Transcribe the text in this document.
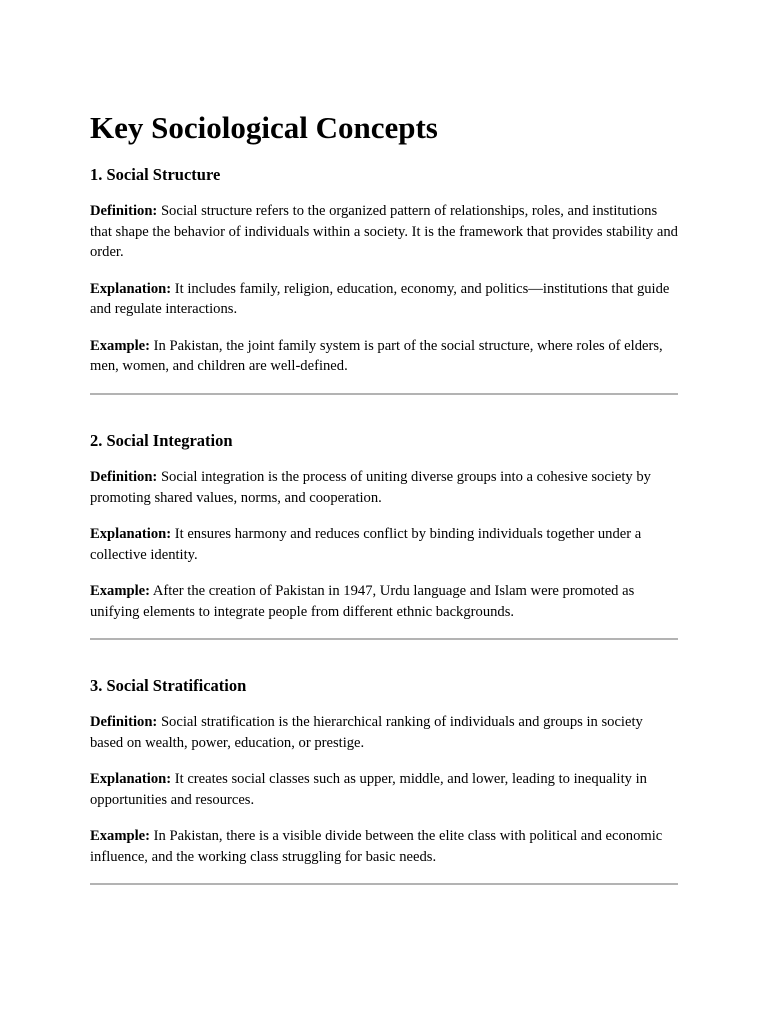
Key Sociological Concepts
1. Social Structure

Definition: Social structure refers to the organized pattern of relationships, roles, and institutions that shape the behavior of individuals within a society. It is the framework that provides stability and order.

Explanation: It includes family, religion, education, economy, and politics—institutions that guide and regulate interactions.

Example: In Pakistan, the joint family system is part of the social structure, where roles of elders, men, women, and children are well-defined.

2. Social Integration

Definition: Social integration is the process of uniting diverse groups into a cohesive society by promoting shared values, norms, and cooperation.

Explanation: It ensures harmony and reduces conflict by binding individuals together under a collective identity.

Example: After the creation of Pakistan in 1947, Urdu language and Islam were promoted as unifying elements to integrate people from different ethnic backgrounds.

3. Social Stratification

Definition: Social stratification is the hierarchical ranking of individuals and groups in society based on wealth, power, education, or prestige.

Explanation: It creates social classes such as upper, middle, and lower, leading to inequality in opportunities and resources.

Example: In Pakistan, there is a visible divide between the elite class with political and economic influence, and the working class struggling for basic needs.
